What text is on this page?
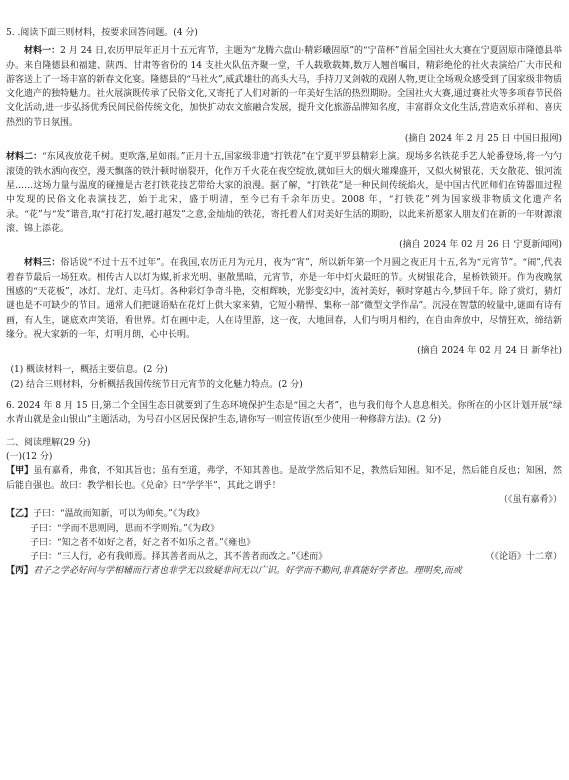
5. .阅读下面三则材料，按要求回答问题。(4 分)

材料一：2 月 24 日,农历甲辰年正月十五元宵节，主题为“龙腾六盘山·精彩曦固原”的“宁苗杯”首届全国社火大赛在宁夏固原市隆德县举办。来自隆德县和福建、陕西、甘肃等省份的 14 支社火队伍齐聚一堂，千人载歌载舞,数万人翘首嘱目，精彩绝伦的社火表演给广大市民和游客送上了一场丰富的新春文化宴。隆德县的“马社火”,威武雄壮的高头大马，手持刀叉剑戟的戏剧人物,更让全场观众感受到了国家级非物质文化遗产的独特魅力。社火展演既传承了民俗文化,又寄托了人们对新的一年美好生活的热烈期盼。全国社火大赛,通过赛社火等多项春节民俗文化活动,进一步弘扬优秀民间民俗传统文化，加快扩动农文旅融合发展，提升文化旅游品牌知名度，丰富群众文化生活,营造欢乐祥和、喜庆热烈的节日氛围。

(摘自 2024 年 2 月 25 日 中国日报网)

材料二：“东风夜放花千树。更吹落,星如雨。”正月十五,国家级非遗“打铁花”在宁夏平罗县精彩上演。现场多名铁花手艺人轮番登场,将一勺勺滚烫的铁水洒向夜空，漫天飘落的铁汁顿时崩裂开，化作万千火花在夜空绽放,就如巨大的烟火璀璨盛开，又似火树银花、天女散花、银河流星……这场力量与温度的碰撞是古老打铁花技艺带给大家的浪漫。据了解，“打铁花”是一种民间传统焰火，是中国古代匠师们在铸器皿过程中发现的民俗文化表演技艺，始于北宋，盛于明清，至今已有千余年历史。2008 年，“打铁花”列为国家级非物质文化遗产名录。“花”与“发”谐音,取“打花打发,越打越发”之意,金灿灿的铁花，寄托着人们对美好生活的期盼，以此来祈愿家人朋友们在新的一年财源滚滚、锦上添花。

(摘自 2024 年 02 月 26 日 宁夏新闻网)

材料三：俗话说“不过十五不过年”。在我国,农历正月为元月，夜为“宵”，所以新年第一个月圆之夜正月十五,名为“元宵节”。“闹”,代表着春节最后一场狂欢。相传古人以灯为媒,祈求光明、驱散黑暗，元宵节，亦是一年中灯火最旺的节。火树银花合，星桥铁锁开。作为夜晚氛围感的“天花板”，冰灯、龙灯、走马灯。各种彩灯争奇斗艳，交相辉映，光影变幻中，流衬美好，顿时穿越古今,梦回千年。除了赏灯，猜灯谜也是不可缺少的节目。通常人们把谜语贴在花灯上供大家来猜，它短小精悍、集称一部“微型文学作品”。沉浸在智慧的较量中,谜面有诗有画，有人生，谜底欢声笑语，看世界。灯在画中走，人在诗里游，这一夜，大地回春，人们与明月相约，在自由奔放中，尽情狂欢，缔结新缘分。祝大家新的一年，灯明月朗，心中长明。

(摘自 2024 年 02 月 24 日 新华社)

(1) 概读材料一，概括主要信息。(2 分)

(2) 结合三则材料，分析概括我国传统节日元宵节的文化魅力特点。(2 分)

6. 2024 年 8 月 15 日,第二个全国生态日就要到了生态环境保护生态是“国之大者”，也与我们每个人息息相关。你所在的小区计划开展“绿水青山就是金山银山”主题活动，为号召小区居民保护生态,请你写一则宣传语(至少使用一种修辞方法)。(2 分)

二、阅读理解(29 分)

(一)(12 分)

【甲】虽有嘉肴，弗食，不知其旨也；虽有至道，弗学，不知其善也。是故学然后知不足，教然后知困。知不足，然后能自反也；知困，然后能自强也。故曰：教学相长也。《兑命》曰“学学半”，其此之谓乎！

（《虽有嘉肴》）

【乙】子曰：“温故而知新，可以为师矣。”《为政》

子曰：“学而不思则罔，思而不学则殆。”《为政》

子曰：“知之者不如好之者，好之者不如乐之者。”《雍也》

子曰：“三人行，必有我师焉。择其善者而从之，其不善者而改之。”《述而》	（《论语》十二章）

【丙】君子之学必好问与学相辅而行者也非学无以致疑非问无以广识。好学而不勤问,非真能好学者也。理明矣,而或
